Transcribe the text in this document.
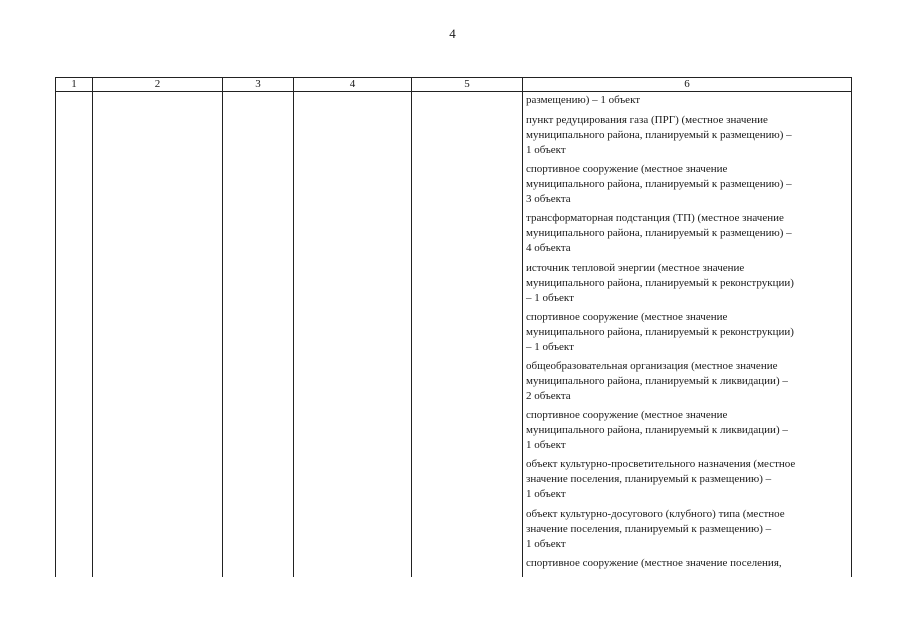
4
1	2	3	4	5	6
размещению) – 1 объект
пункт редуцирования газа (ПРГ) (местное значение
муниципального района, планируемый к размещению) –
1 объект
спортивное сооружение (местное значение
муниципального района, планируемый к размещению) –
3 объекта
трансформаторная подстанция (ТП) (местное значение
муниципального района, планируемый к размещению) –
4 объекта
источник тепловой энергии (местное значение
муниципального района, планируемый к реконструкции)
– 1 объект
спортивное сооружение (местное значение
муниципального района, планируемый к реконструкции)
– 1 объект
общеобразовательная организация (местное значение
муниципального района, планируемый к ликвидации) –
2 объекта
спортивное сооружение (местное значение
муниципального района, планируемый к ликвидации) –
1 объект
объект культурно-просветительного назначения (местное
значение поселения, планируемый к размещению) –
1 объект
объект культурно-досугового (клубного) типа (местное
значение поселения, планируемый к размещению) –
1 объект
спортивное сооружение (местное значение поселения,
